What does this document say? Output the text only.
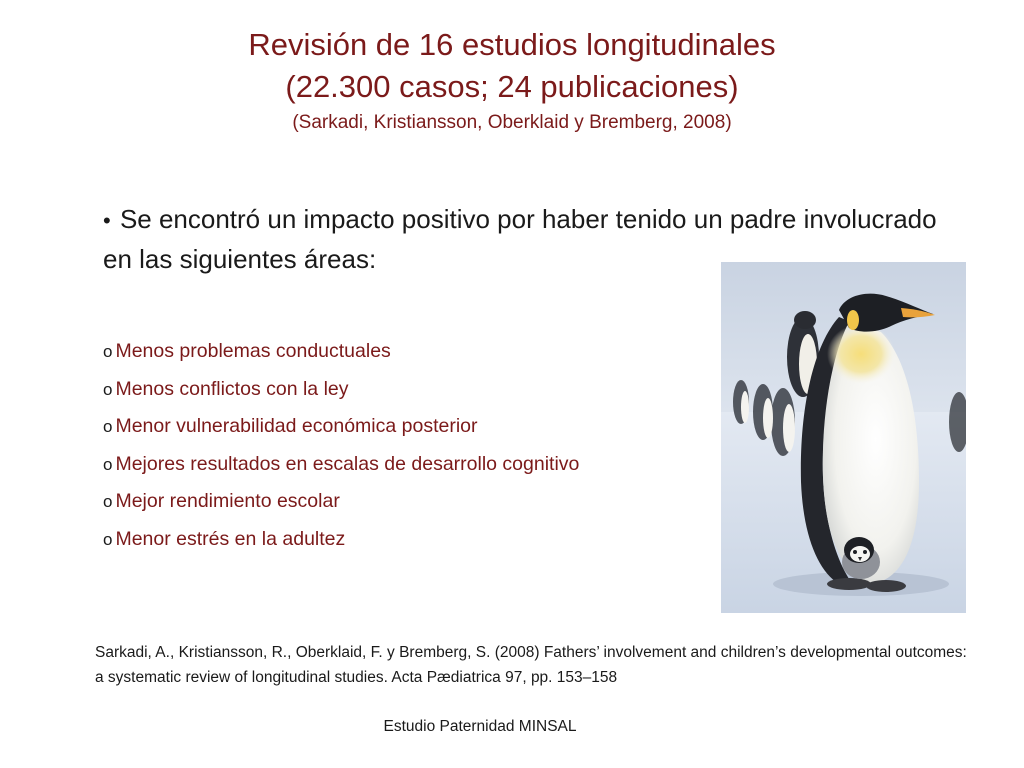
Revisión de 16 estudios longitudinales
(22.300 casos; 24 publicaciones)
(Sarkadi, Kristiansson, Oberklaid y Bremberg, 2008)
• Se encontró un impacto positivo por haber tenido un padre involucrado en las siguientes áreas:
o Menos problemas conductuales
o Menos conflictos con la ley
o Menor vulnerabilidad económica posterior
o Mejores resultados en escalas de desarrollo cognitivo
o Mejor rendimiento escolar
o Menor estrés en la adultez
Sarkadi, A., Kristiansson, R., Oberklaid, F. y Bremberg, S. (2008) Fathers’ involvement and children’s developmental outcomes: a systematic review of longitudinal studies. Acta Pædiatrica 97, pp. 153–158
Estudio Paternidad MINSAL
